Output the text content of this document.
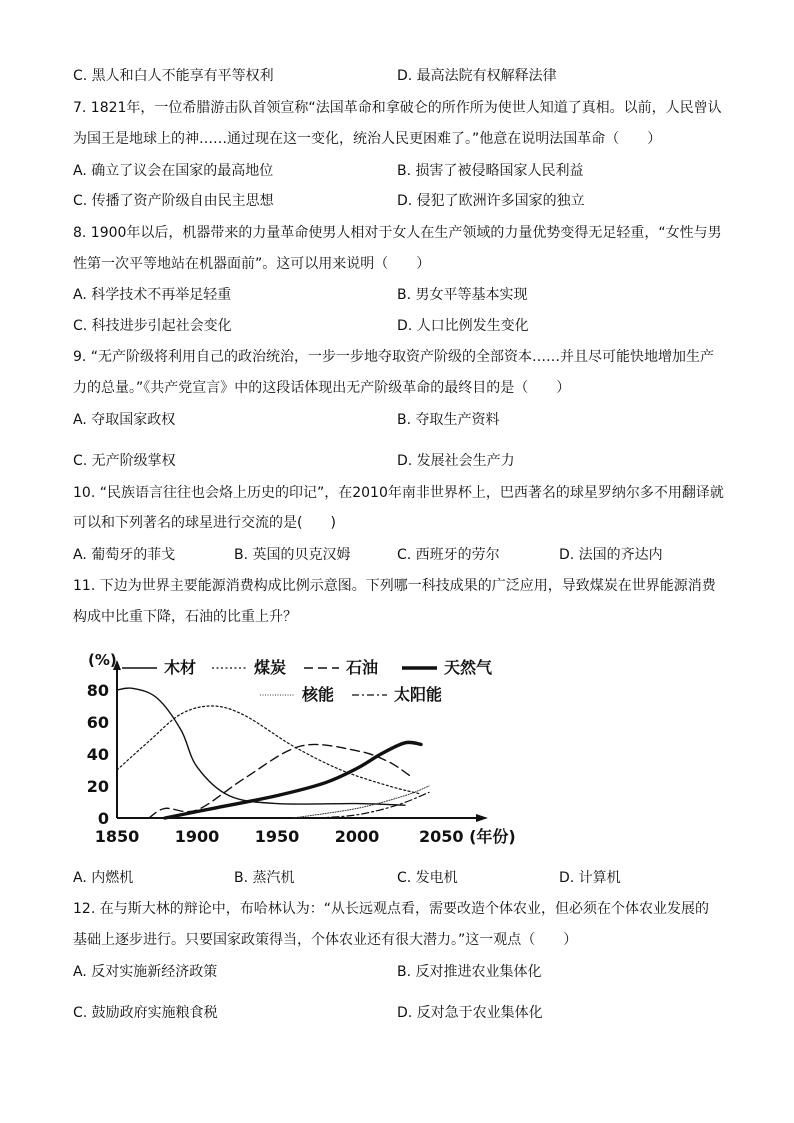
C. 黑人和白人不能享有平等权利	D. 最高法院有权解释法律
7. 1821年，一位希腊游击队首领宣称“法国革命和拿破仑的所作所为使世人知道了真相。以前，人民曾认
为国王是地球上的神……通过现在这一变化，统治人民更困难了。”他意在说明法国革命（　　）
A. 确立了议会在国家的最高地位	B. 损害了被侵略国家人民利益
C. 传播了资产阶级自由民主思想	D. 侵犯了欧洲许多国家的独立
8. 1900年以后，机器带来的力量革命使男人相对于女人在生产领域的力量优势变得无足轻重，“女性与男
性第一次平等地站在机器面前”。这可以用来说明（　　）
A. 科学技术不再举足轻重	B. 男女平等基本实现
C. 科技进步引起社会变化	D. 人口比例发生变化
9. “无产阶级将利用自己的政治统治，一步一步地夺取资产阶级的全部资本……并且尽可能快地增加生产
力的总量。”《共产党宣言》中的这段话体现出无产阶级革命的最终目的是（　　）
A. 夺取国家政权	B. 夺取生产资料
C. 无产阶级掌权	D. 发展社会生产力
10. “民族语言往往也会烙上历史的印记”，在2010年南非世界杯上，巴西著名的球星罗纳尔多不用翻译就
可以和下列著名的球星进行交流的是(　　)
A. 葡萄牙的菲戈	B. 英国的贝克汉姆	C. 西班牙的劳尔	D. 法国的齐达内
11. 下边为世界主要能源消费构成比例示意图。下列哪一科技成果的广泛应用，导致煤炭在世界能源消费
构成中比重下降，石油的比重上升？
0
20
40
60
80
1850 1900 1950 2000 2050 (年份)
木材	煤炭	石油	天然气
核能	太阳能
(%)
A. 内燃机	B. 蒸汽机	C. 发电机	D. 计算机
12. 在与斯大林的辩论中，布哈林认为：“从长远观点看，需要改造个体农业，但必须在个体农业发展的
基础上逐步进行。只要国家政策得当，个体农业还有很大潜力。”这一观点（　　）
A. 反对实施新经济政策	B. 反对推进农业集体化
C. 鼓励政府实施粮食税	D. 反对急于农业集体化
